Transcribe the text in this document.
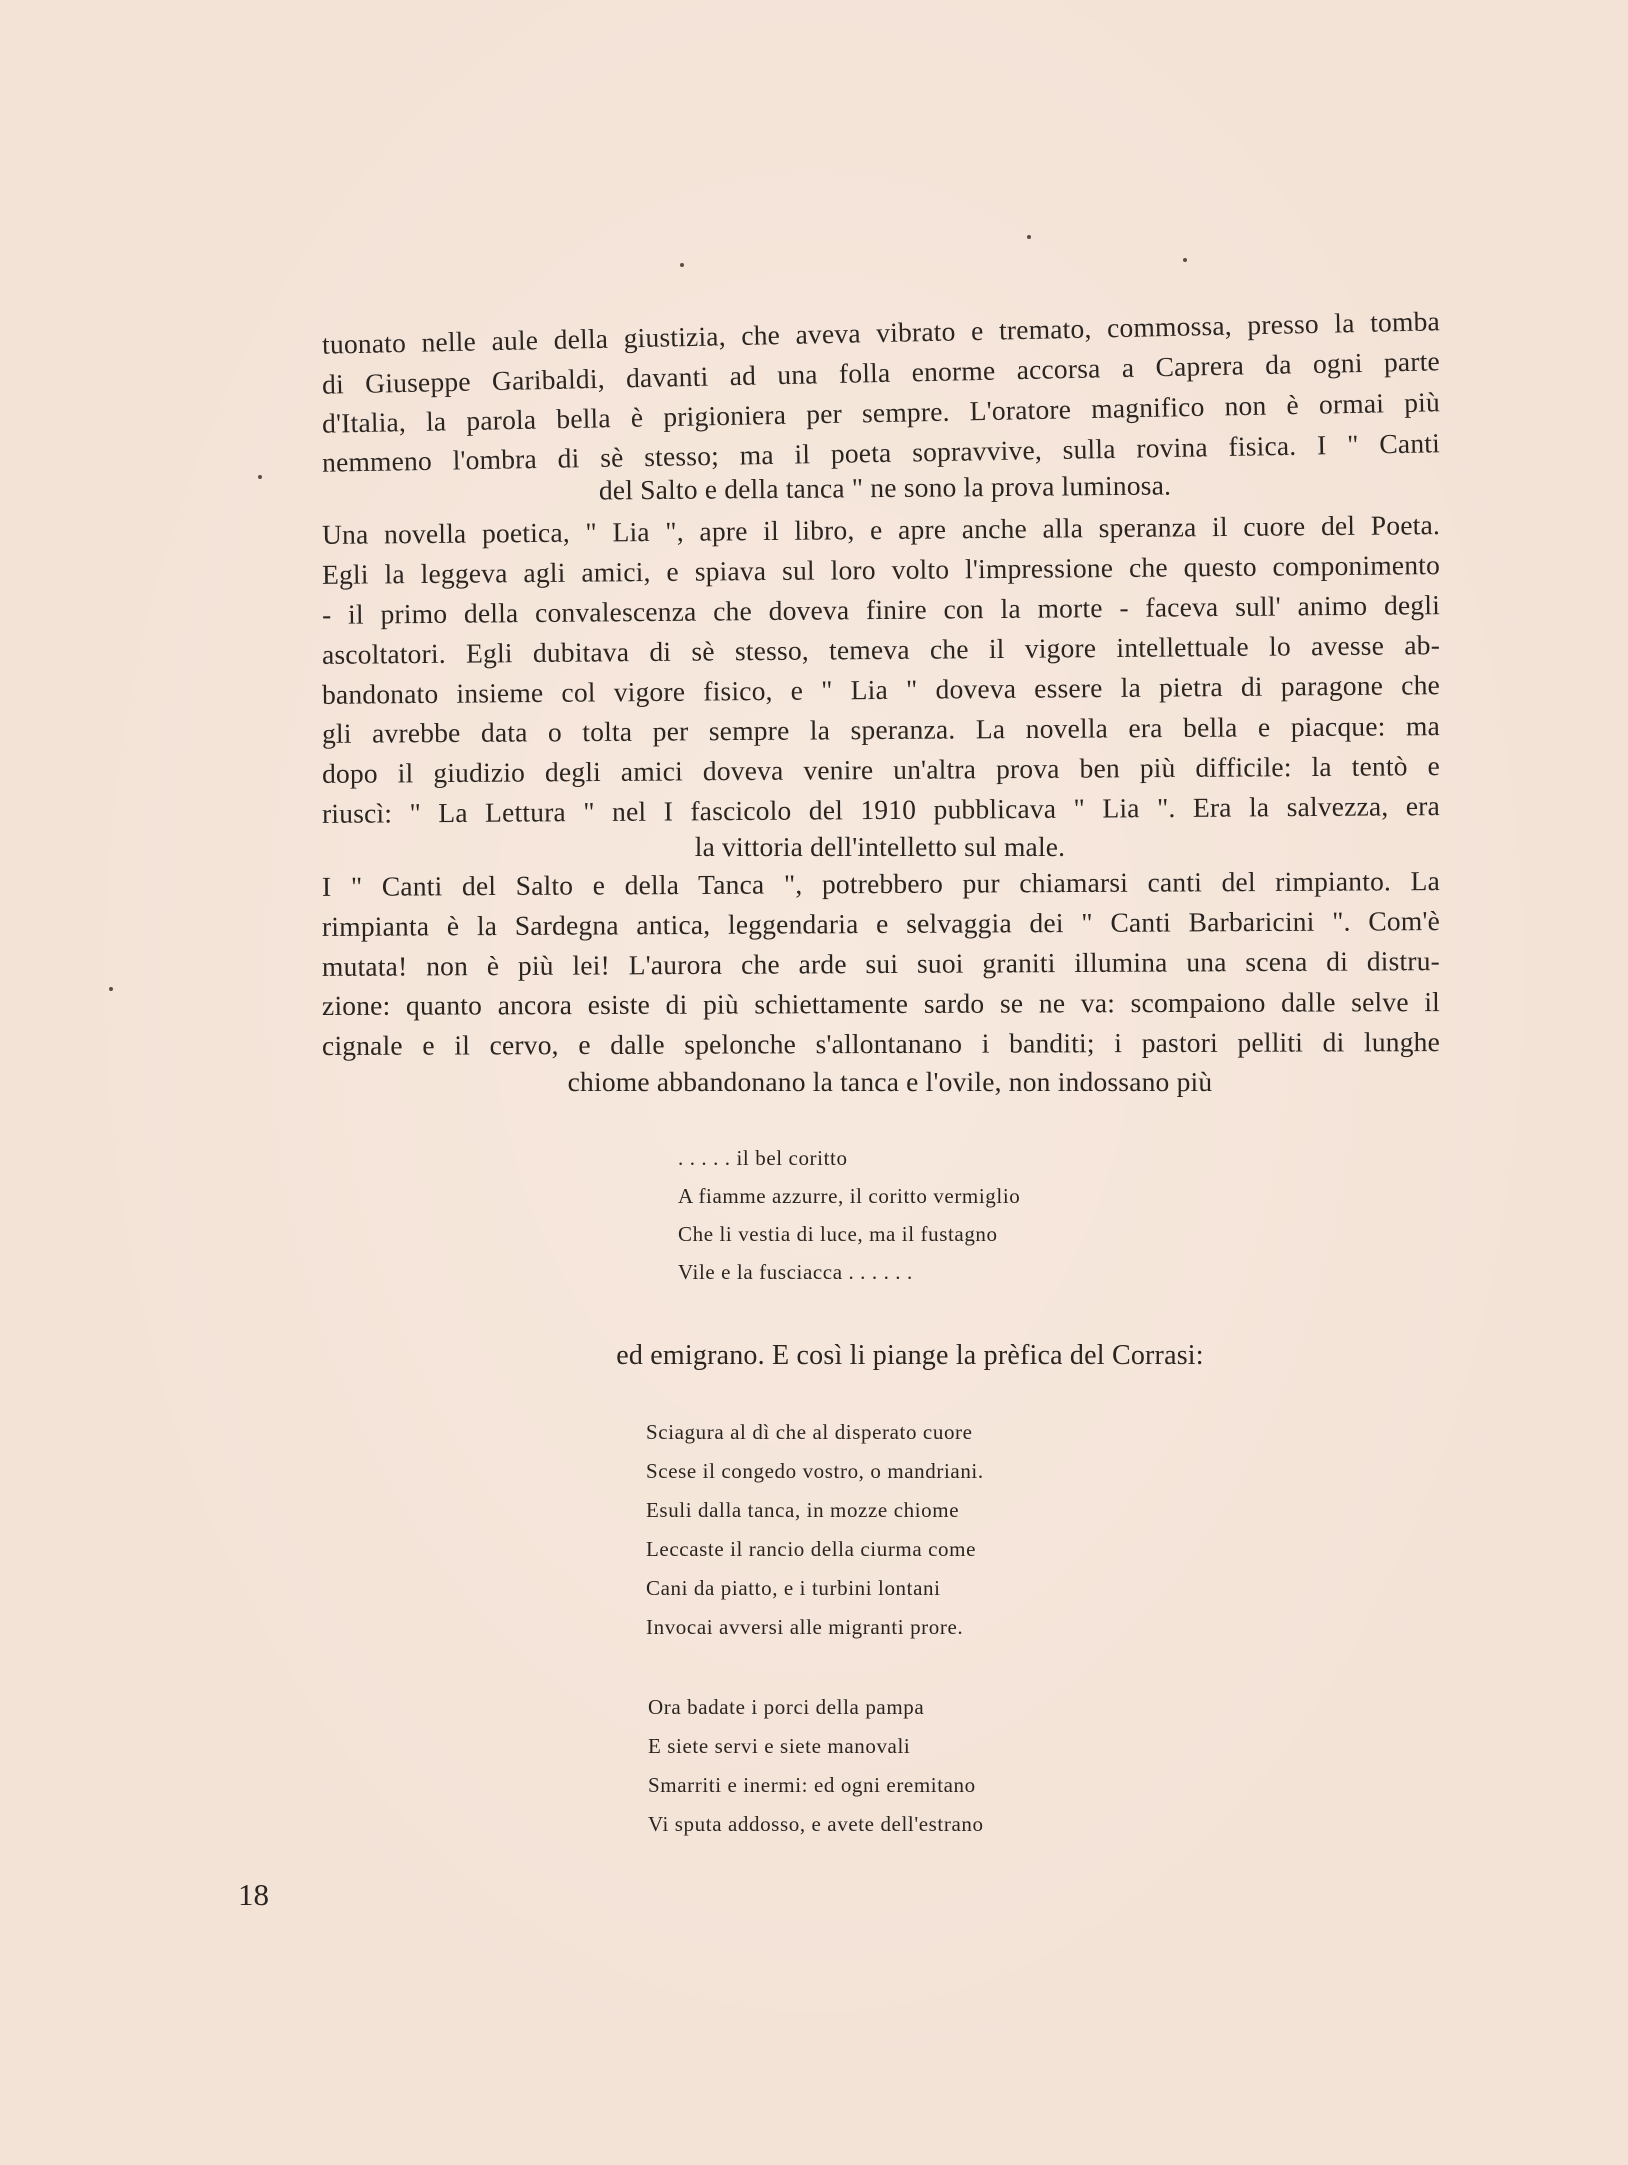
tuonato nelle aule della giustizia, che aveva vibrato e tremato, commossa, presso la tomba
di Giuseppe Garibaldi, davanti ad una folla enorme accorsa a Caprera da ogni parte
d'Italia, la parola bella è prigioniera per sempre. L'oratore magnifico non è ormai più
nemmeno l'ombra di sè stesso; ma il poeta sopravvive, sulla rovina fisica. I " Canti
del Salto e della tanca " ne sono la prova luminosa.
Una novella poetica, " Lia ", apre il libro, e apre anche alla speranza il cuore del Poeta.
Egli la leggeva agli amici, e spiava sul loro volto l'impressione che questo componimento
- il primo della convalescenza che doveva finire con la morte - faceva sull' animo degli
ascoltatori. Egli dubitava di sè stesso, temeva che il vigore intellettuale lo avesse ab-
bandonato insieme col vigore fisico, e " Lia " doveva essere la pietra di paragone che
gli avrebbe data o tolta per sempre la speranza. La novella era bella e piacque: ma
dopo il giudizio degli amici doveva venire un'altra prova ben più difficile: la tentò e
riuscì: " La Lettura " nel I fascicolo del 1910 pubblicava " Lia ". Era la salvezza, era
la vittoria dell'intelletto sul male.
I " Canti del Salto e della Tanca ", potrebbero pur chiamarsi canti del rimpianto. La
rimpianta è la Sardegna antica, leggendaria e selvaggia dei " Canti Barbaricini ". Com'è
mutata! non è più lei! L'aurora che arde sui suoi graniti illumina una scena di distru-
zione: quanto ancora esiste di più schiettamente sardo se ne va: scompaiono dalle selve il
cignale e il cervo, e dalle spelonche s'allontanano i banditi; i pastori pelliti di lunghe
chiome abbandonano la tanca e l'ovile, non indossano più
. . . . . il bel coritto
A fiamme azzurre, il coritto vermiglio
Che li vestia di luce, ma il fustagno
Vile e la fusciacca . . . . . .
ed emigrano. E così li piange la prèfica del Corrasi:
Sciagura al dì che al disperato cuore
Scese il congedo vostro, o mandriani.
Esuli dalla tanca, in mozze chiome
Leccaste il rancio della ciurma come
Cani da piatto, e i turbini lontani
Invocai avversi alle migranti prore.
Ora badate i porci della pampa
E siete servi e siete manovali
Smarriti e inermi: ed ogni eremitano
Vi sputa addosso, e avete dell'estrano
18
